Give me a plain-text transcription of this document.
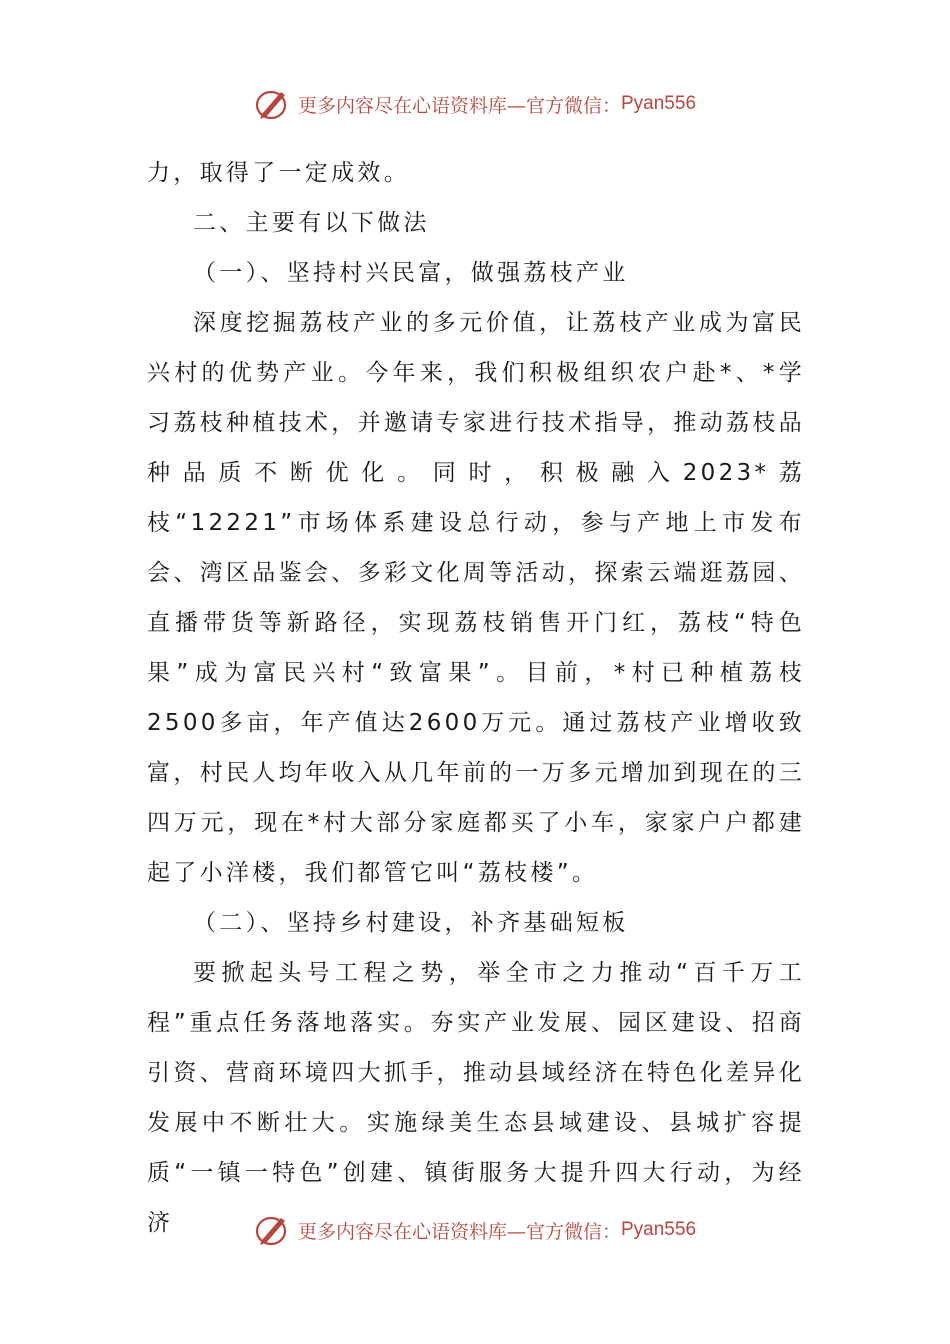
更多内容尽在心语资料库—官方微信： Pyan556

力，取得了一定成效。

二、主要有以下做法

（一）、坚持村兴民富，做强荔枝产业

深度挖掘荔枝产业的多元价值，让荔枝产业成为富民兴村的优势产业。今年来，我们积极组织农户赴*、*学习荔枝种植技术，并邀请专家进行技术指导，推动荔枝品种品质不断优化。同时，积极融入2023*荔枝“12221”市场体系建设总行动，参与产地上市发布会、湾区品鉴会、多彩文化周等活动，探索云端逛荔园、直播带货等新路径，实现荔枝销售开门红，荔枝“特色果”成为富民兴村“致富果”。目前，*村已种植荔枝2500多亩，年产值达2600万元。通过荔枝产业增收致富，村民人均年收入从几年前的一万多元增加到现在的三四万元，现在*村大部分家庭都买了小车，家家户户都建起了小洋楼，我们都管它叫“荔枝楼”。

（二）、坚持乡村建设，补齐基础短板

要掀起头号工程之势，举全市之力推动“百千万工程”重点任务落地落实。夯实产业发展、园区建设、招商引资、营商环境四大抓手，推动县域经济在特色化差异化发展中不断壮大。实施绿美生态县域建设、县城扩容提质“一镇一特色”创建、镇街服务大提升四大行动，为经济	更多内容尽在心语资料库—官方微信： Pyan556
